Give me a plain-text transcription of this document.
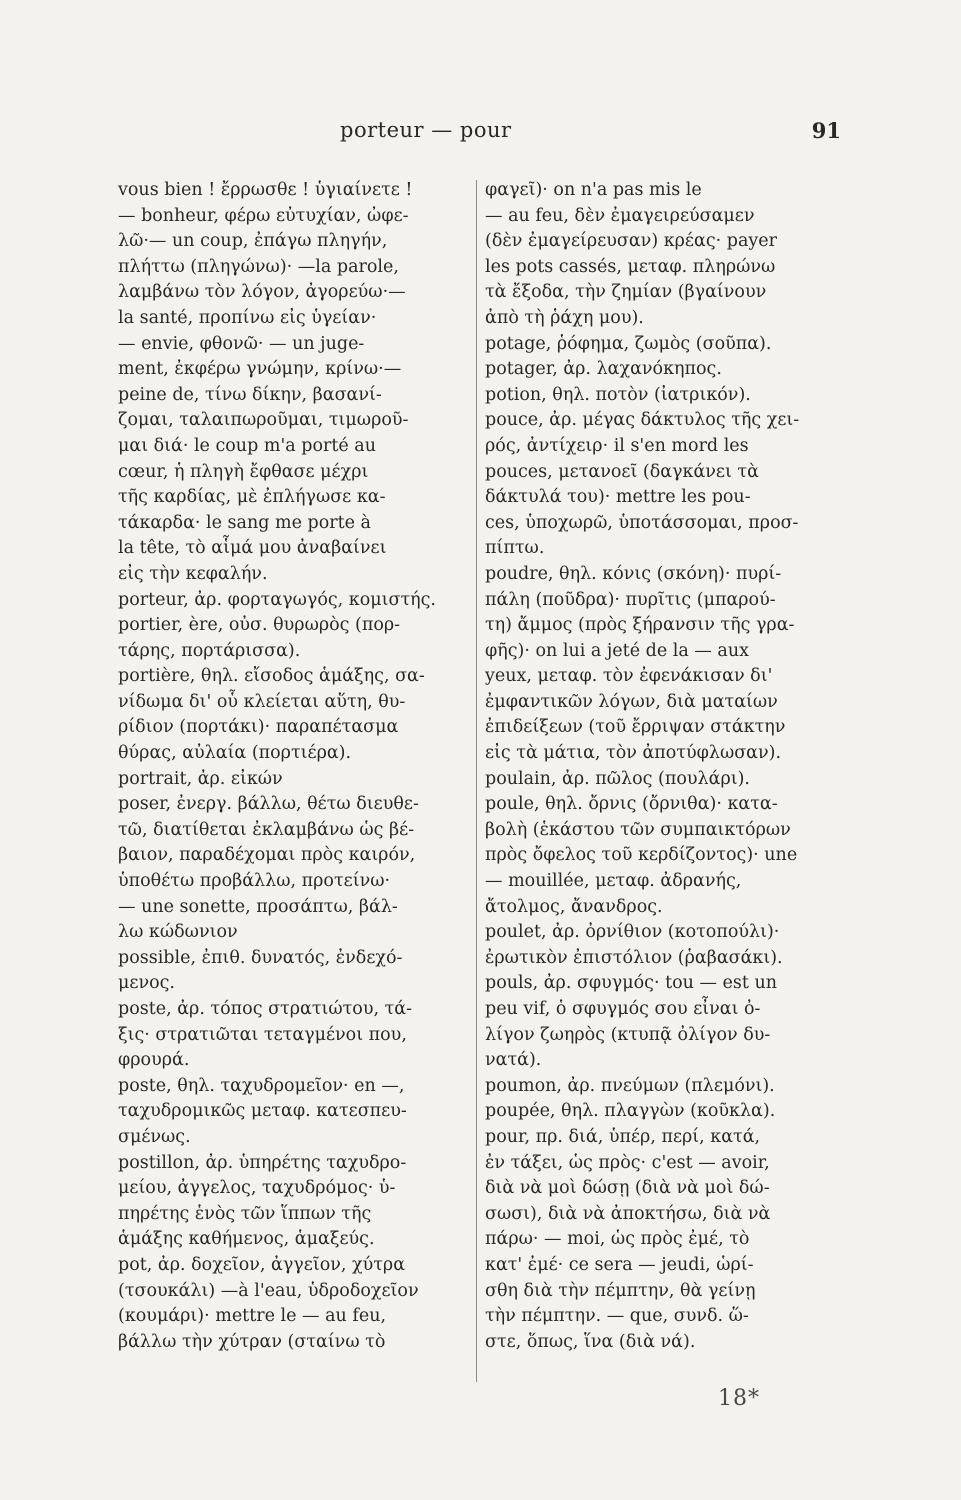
porteur — pour	91
vous bien ! ἔρρωσθε ! ὑγιαίνετε !
— bonheur, φέρω εὐτυχίαν, ὠφε-
λῶ·— un coup, ἐπάγω πληγήν,
πλήττω (πληγώνω)· —la parole,
λαμβάνω τὸν λόγον, ἀγορεύω·—
la santé, προπίνω εἰς ὑγείαν·
— envie, φθονῶ· — un juge-
ment, ἐκφέρω γνώμην, κρίνω·—
peine de, τίνω δίκην, βασανί-
ζομαι, ταλαιπωροῦμαι, τιμωροῦ-
μαι διά· le coup m'a porté au
cœur, ἡ πληγὴ ἔφθασε μέχρι
τῆς καρδίας, μὲ ἐπλήγωσε κα-
τάκαρδα· le sang me porte à
la tête, τὸ αἷμά μου ἀναβαίνει
εἰς τὴν κεφαλήν.
porteur, ἀρ. φορταγωγός, κομιστής.
portier, ère, οὐσ. θυρωρὸς (πορ-
τάρης, πορτάρισσα).
portière, θηλ. εἴσοδος ἁμάξης, σα-
νίδωμα δι' οὗ κλείεται αὕτη, θυ-
ρίδιον (πορτάκι)· παραπέτασμα
θύρας, αὐλαία (πορτιέρα).
portrait, ἀρ. εἰκών
poser, ἐνεργ. βάλλω, θέτω διευθε-
τῶ, διατίθεται ἐκλαμβάνω ὡς βέ-
βαιον, παραδέχομαι πρὸς καιρόν,
ὑποθέτω προβάλλω, προτείνω·
— une sonette, προσάπτω, βάλ-
λω κώδωνιον
possible, ἐπιθ. δυνατός, ἐνδεχό-
μενος.
poste, ἀρ. τόπος στρατιώτου, τά-
ξις· στρατιῶται τεταγμένοι που,
φρουρά.
poste, θηλ. ταχυδρομεῖον· en —,
ταχυδρομικῶς μεταφ. κατεσπευ-
σμένως.
postillon, ἀρ. ὑπηρέτης ταχυδρο-
μείου, ἀγγελος, ταχυδρόμος· ὑ-
πηρέτης ἑνὸς τῶν ἵππων τῆς
ἁμάξης καθήμενος, ἁμαξεύς.
pot, ἀρ. δοχεῖον, ἀγγεῖον, χύτρα
(τσουκάλι) —à l'eau, ὑδροδοχεῖον
(κουμάρι)· mettre le — au feu,
βάλλω τὴν χύτραν (σταίνω τὸ
φαγεῖ)· on n'a pas mis le
— au feu, δὲν ἐμαγειρεύσαμεν
(δὲν ἐμαγείρευσαν) κρέας· payer
les pots cassés, μεταφ. πληρώνω
τὰ ἔξοδα, τὴν ζημίαν (βγαίνουν
ἀπὸ τὴ ῥάχη μου).
potage, ῥόφημα, ζωμὸς (σοῦπα).
potager, ἀρ. λαχανόκηπος.
potion, θηλ. ποτὸν (ἰατρικόν).
pouce, ἀρ. μέγας δάκτυλος τῆς χει-
ρός, ἀντίχειρ· il s'en mord les
pouces, μετανοεῖ (δαγκάνει τὰ
δάκτυλά του)· mettre les pou-
ces, ὑποχωρῶ, ὑποτάσσομαι, προσ-
πίπτω.
poudre, θηλ. κόνις (σκόνη)· πυρί-
πάλη (ποῦδρα)· πυρῖτις (μπαρού-
τη) ἄμμος (πρὸς ξήρανσιν τῆς γρα-
φῆς)· on lui a jeté de la — aux
yeux, μεταφ. τὸν ἐφενάκισαν δι'
ἐμφαντικῶν λόγων, διὰ ματαίων
ἐπιδείξεων (τοῦ ἔρριψαν στάκτην
εἰς τὰ μάτια, τὸν ἀποτύφλωσαν).
poulain, ἀρ. πῶλος (πουλάρι).
poule, θηλ. ὄρνις (ὄρνιθα)· κατα-
βολὴ (ἑκάστου τῶν συμπαικτόρων
πρὸς ὄφελος τοῦ κερδίζοντος)· une
— mouillée, μεταφ. ἀδρανής,
ἄτολμος, ἄνανδρος.
poulet, ἀρ. ὀρνίθιον (κοτοπούλι)·
ἐρωτικὸν ἐπιστόλιον (ῥαβασάκι).
pouls, ἀρ. σφυγμός· tou — est un
peu vif, ὁ σφυγμός σου εἶναι ὀ-
λίγον ζωηρὸς (κτυπᾷ ὀλίγον δυ-
νατά).
poumon, ἀρ. πνεύμων (πλεμόνι).
poupée, θηλ. πλαγγὼν (κοῦκλα).
pour, πρ. διά, ὑπέρ, περί, κατά,
ἐν τάξει, ὡς πρὸς· c'est — avoir,
διὰ νὰ μοὶ δώσῃ (διὰ νὰ μοὶ δώ-
σωσι), διὰ νὰ ἀποκτήσω, διὰ νὰ
πάρω· — moi, ὡς πρὸς ἐμέ, τὸ
κατ' ἐμέ· ce sera — jeudi, ὡρί-
σθη διὰ τὴν πέμπτην, θὰ γείνῃ
τὴν πέμπτην. — que, συνδ. ὥ-
στε, ὅπως, ἵνα (διὰ νά).
18*
